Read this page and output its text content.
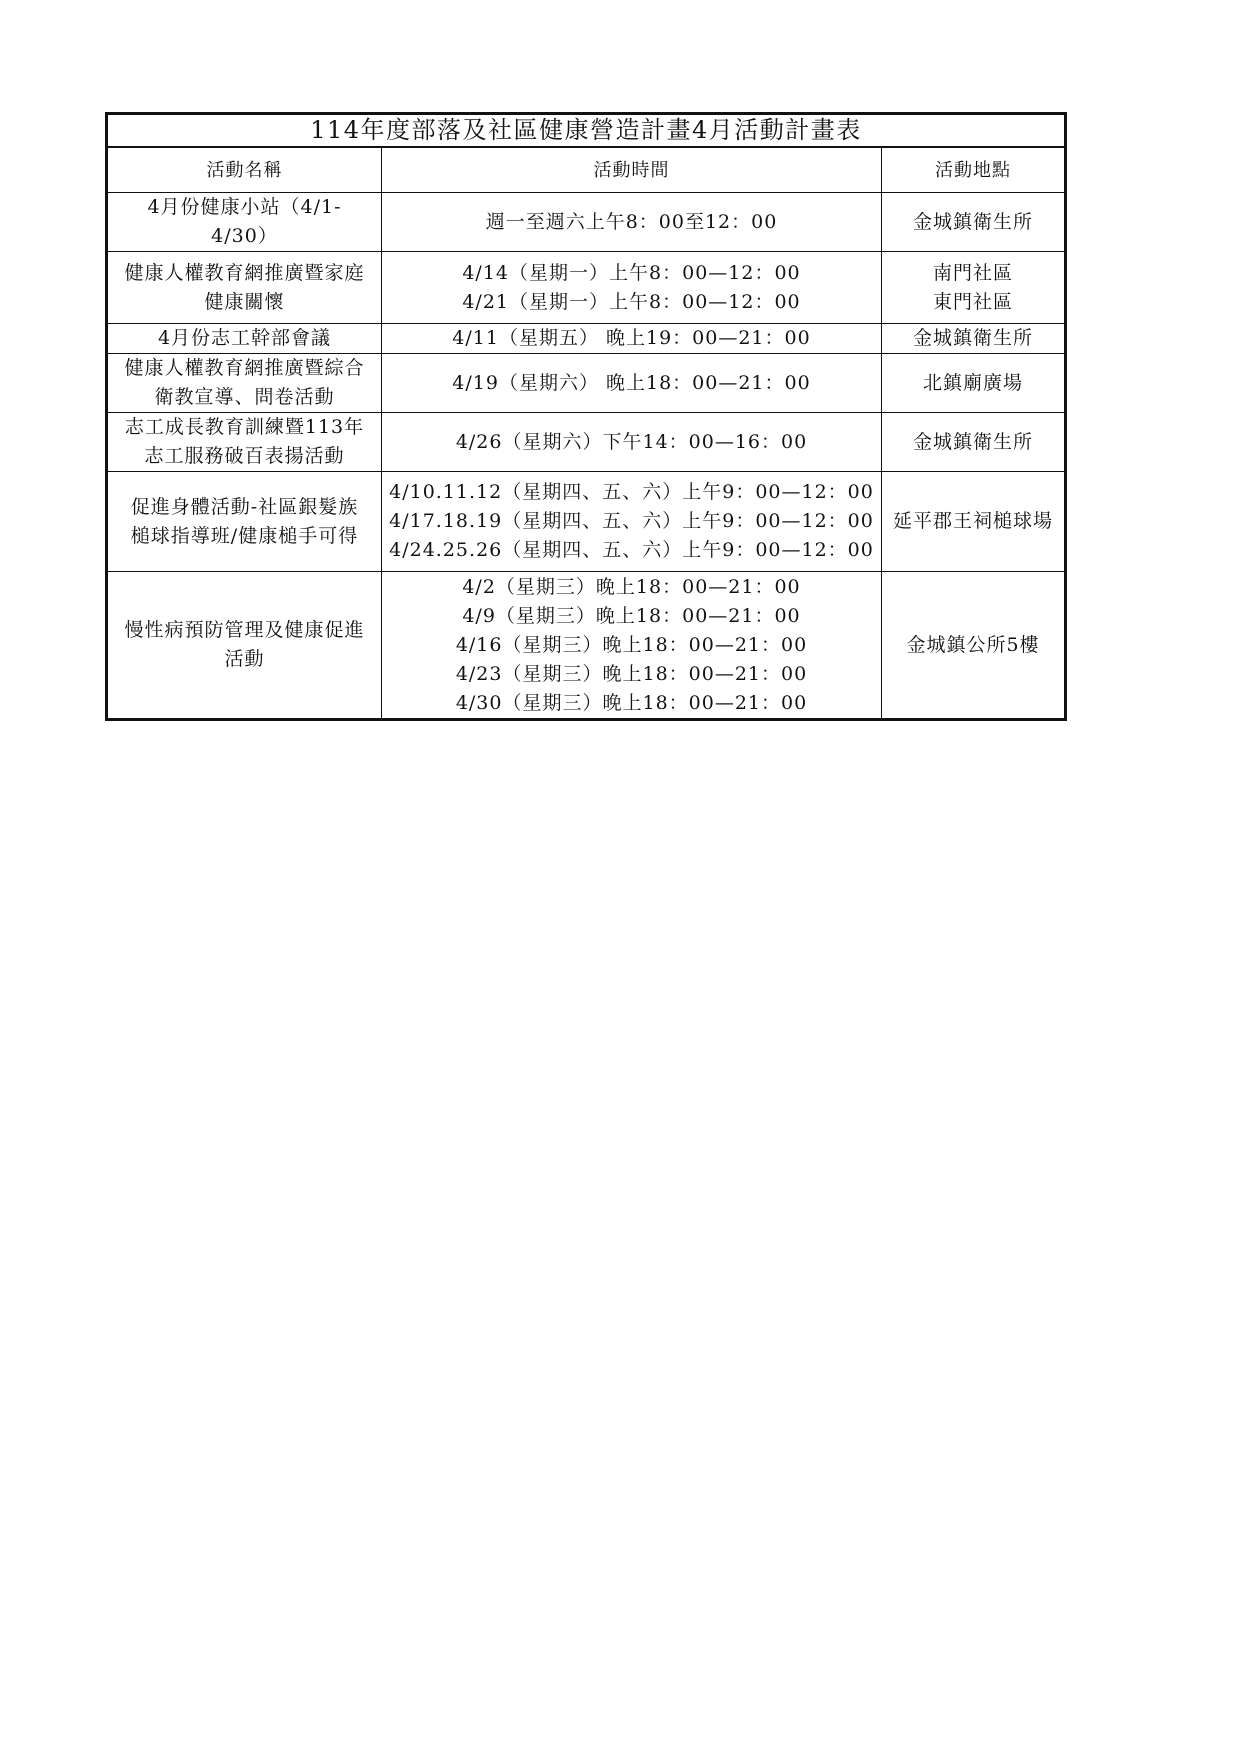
114年度部落及社區健康營造計畫4月活動計畫表		
活動名稱	活動時間	活動地點

4月份健康小站（4/1-
4/30）	週一至週六上午8：00至12：00	金城鎮衛生所

健康人權教育網推廣暨家庭
健康關懷	4/14（星期一）上午8：00—12：00
4/21（星期一）上午8：00—12：00	南門社區
東門社區

4月份志工幹部會議	4/11（星期五） 晚上19：00—21：00	金城鎮衛生所

健康人權教育網推廣暨綜合
衛教宣導、問卷活動	4/19（星期六） 晚上18：00—21：00	北鎮廟廣場

志工成長教育訓練暨113年
志工服務破百表揚活動	4/26（星期六）下午14：00—16：00	金城鎮衛生所

促進身體活動-社區銀髮族
槌球指導班/健康槌手可得	4/10.11.12（星期四、五、六）上午9：00—12：00
4/17.18.19（星期四、五、六）上午9：00—12：00
4/24.25.26（星期四、五、六）上午9：00—12：00	延平郡王祠槌球場

慢性病預防管理及健康促進
活動	4/2（星期三）晚上18：00—21：00
4/9（星期三）晚上18：00—21：00
4/16（星期三）晚上18：00—21：00
4/23（星期三）晚上18：00—21：00
4/30（星期三）晚上18：00—21：00	金城鎮公所5樓
